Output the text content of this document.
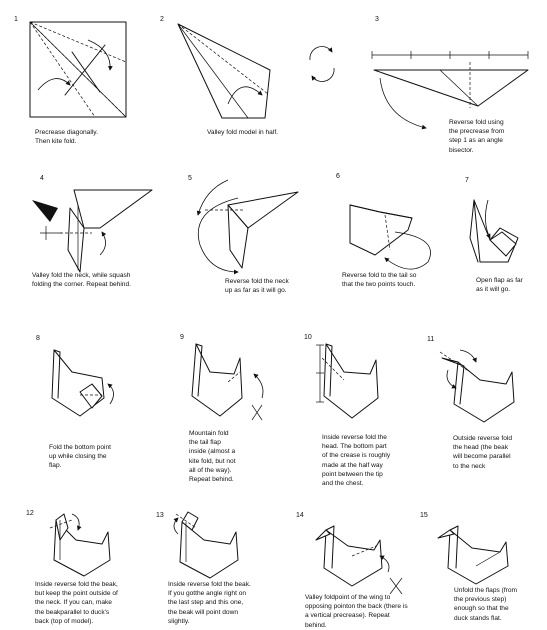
1	2	3
4	5	6
7
8	9	10	11
12	13	14	15
Precrease diagonally.
Then kite fold.
Valley fold model in half.
Reverse fold using
the precrease from
step 1 as an angle
bisector.
Valley fold the neck, while squash
folding the corner. Repeat behind.	Reverse fold the neck
up as far as it will go.
Reverse fold to the tail so
that the two points touch.
Open flap as far
as it will go.
Fold the bottom point
up while closing the
flap.
Mountain fold
the tail flap
inside (almost a
kite fold, but not
all of the way).
Repeat behind.
Inside reverse fold the
head. The bottom part
of the crease is roughly
made at the half way
point between the tip
and the chest.
Outside reverse fold
the head (the beak
will become parallel
to the neck
Inside reverse fold the beak,
but keep the point outside of
the neck. If you can, make
the beakparallel to duck's
back (top of model).
Inside reverse fold the beak.
If you gotthe angle right on
the last step and this one,
the beak will point down
slightly.
Valley foldpoint of the wing to
opposing pointon the back (there is
a vertical precrease). Repeat
behind.
Unfold the flaps (from
the previous step)
enough so that the
duck stands flat.
